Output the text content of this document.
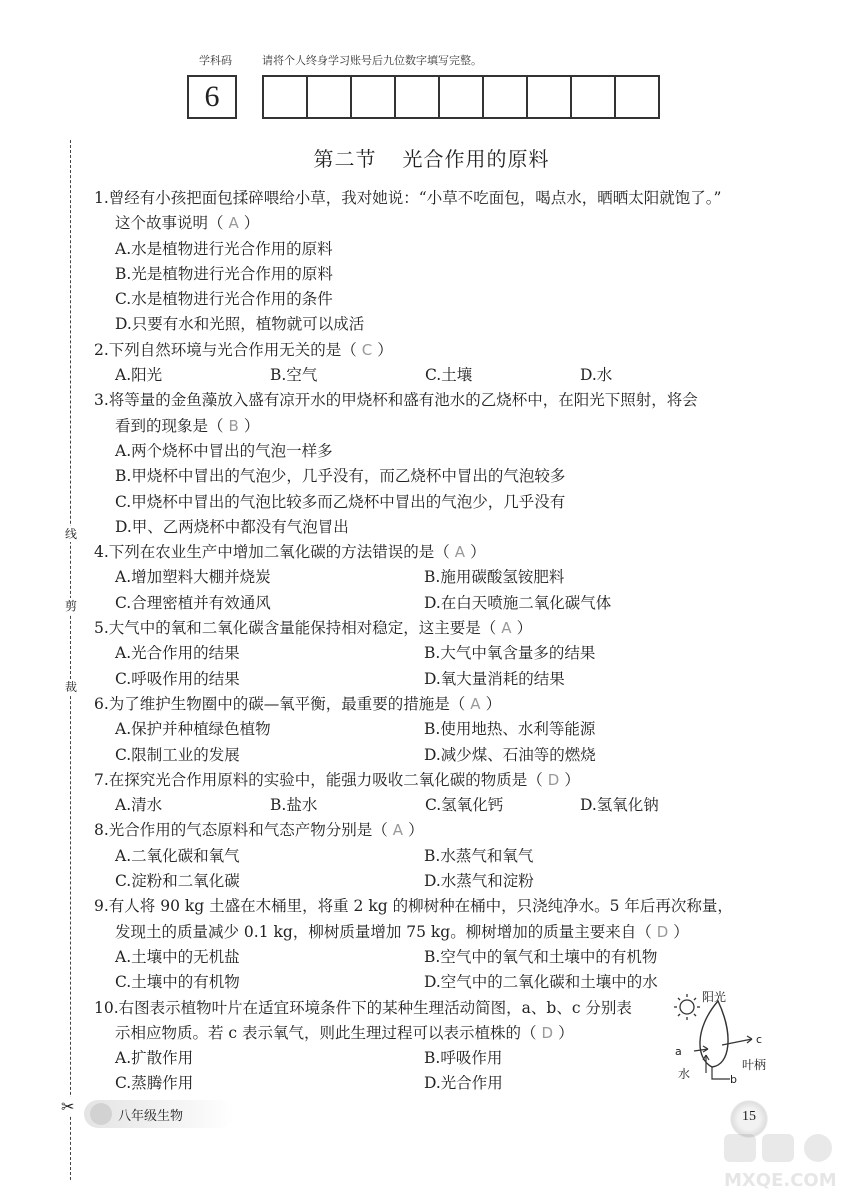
学科码	请将个人终身学习账号后九位数字填写完整。
6
线
剪
裁
✂
第二节 光合作用的原料
1.曾经有小孩把面包揉碎喂给小草，我对她说：“小草不吃面包，喝点水，晒晒太阳就饱了。”
这个故事说明（ A ）
A.水是植物进行光合作用的原料
B.光是植物进行光合作用的原料
C.水是植物进行光合作用的条件
D.只要有水和光照，植物就可以成活
2.下列自然环境与光合作用无关的是（ C ）
A.阳光	B.空气	C.土壤	D.水
3.将等量的金鱼藻放入盛有凉开水的甲烧杯和盛有池水的乙烧杯中，在阳光下照射，将会
看到的现象是（ B ）
A.两个烧杯中冒出的气泡一样多
B.甲烧杯中冒出的气泡少，几乎没有，而乙烧杯中冒出的气泡较多
C.甲烧杯中冒出的气泡比较多而乙烧杯中冒出的气泡少，几乎没有
D.甲、乙两烧杯中都没有气泡冒出
4.下列在农业生产中增加二氧化碳的方法错误的是（ A ）
A.增加塑料大棚并烧炭	B.施用碳酸氢铵肥料
C.合理密植并有效通风	D.在白天喷施二氧化碳气体
5.大气中的氧和二氧化碳含量能保持相对稳定，这主要是（ A ）
A.光合作用的结果	B.大气中氧含量多的结果
C.呼吸作用的结果	D.氧大量消耗的结果
6.为了维护生物圈中的碳—氧平衡，最重要的措施是（ A ）
A.保护并种植绿色植物	B.使用地热、水利等能源
C.限制工业的发展	D.减少煤、石油等的燃烧
7.在探究光合作用原料的实验中，能强力吸收二氧化碳的物质是（ D ）
A.清水	B.盐水	C.氢氧化钙	D.氢氧化钠
8.光合作用的气态原料和气态产物分别是（ A ）
A.二氧化碳和氧气	B.水蒸气和氧气
C.淀粉和二氧化碳	D.水蒸气和淀粉
9.有人将 90 kg 土盛在木桶里，将重 2 kg 的柳树种在桶中，只浇纯净水。5 年后再次称量，
发现土的质量减少 0.1 kg，柳树质量增加 75 kg。柳树增加的质量主要来自（ D ）
A.土壤中的无机盐	B.空气中的氧气和土壤中的有机物
C.土壤中的有机物	D.空气中的二氧化碳和土壤中的水
10.右图表示植物叶片在适宜环境条件下的某种生理活动简图，a、b、c 分别表
示相应物质。若 c 表示氧气，则此生理过程可以表示植株的（ D ）
A.扩散作用	B.呼吸作用
C.蒸腾作用	D.光合作用
阳光
a
c
b
水
叶柄
八年级生物	15
MXQE.COM
